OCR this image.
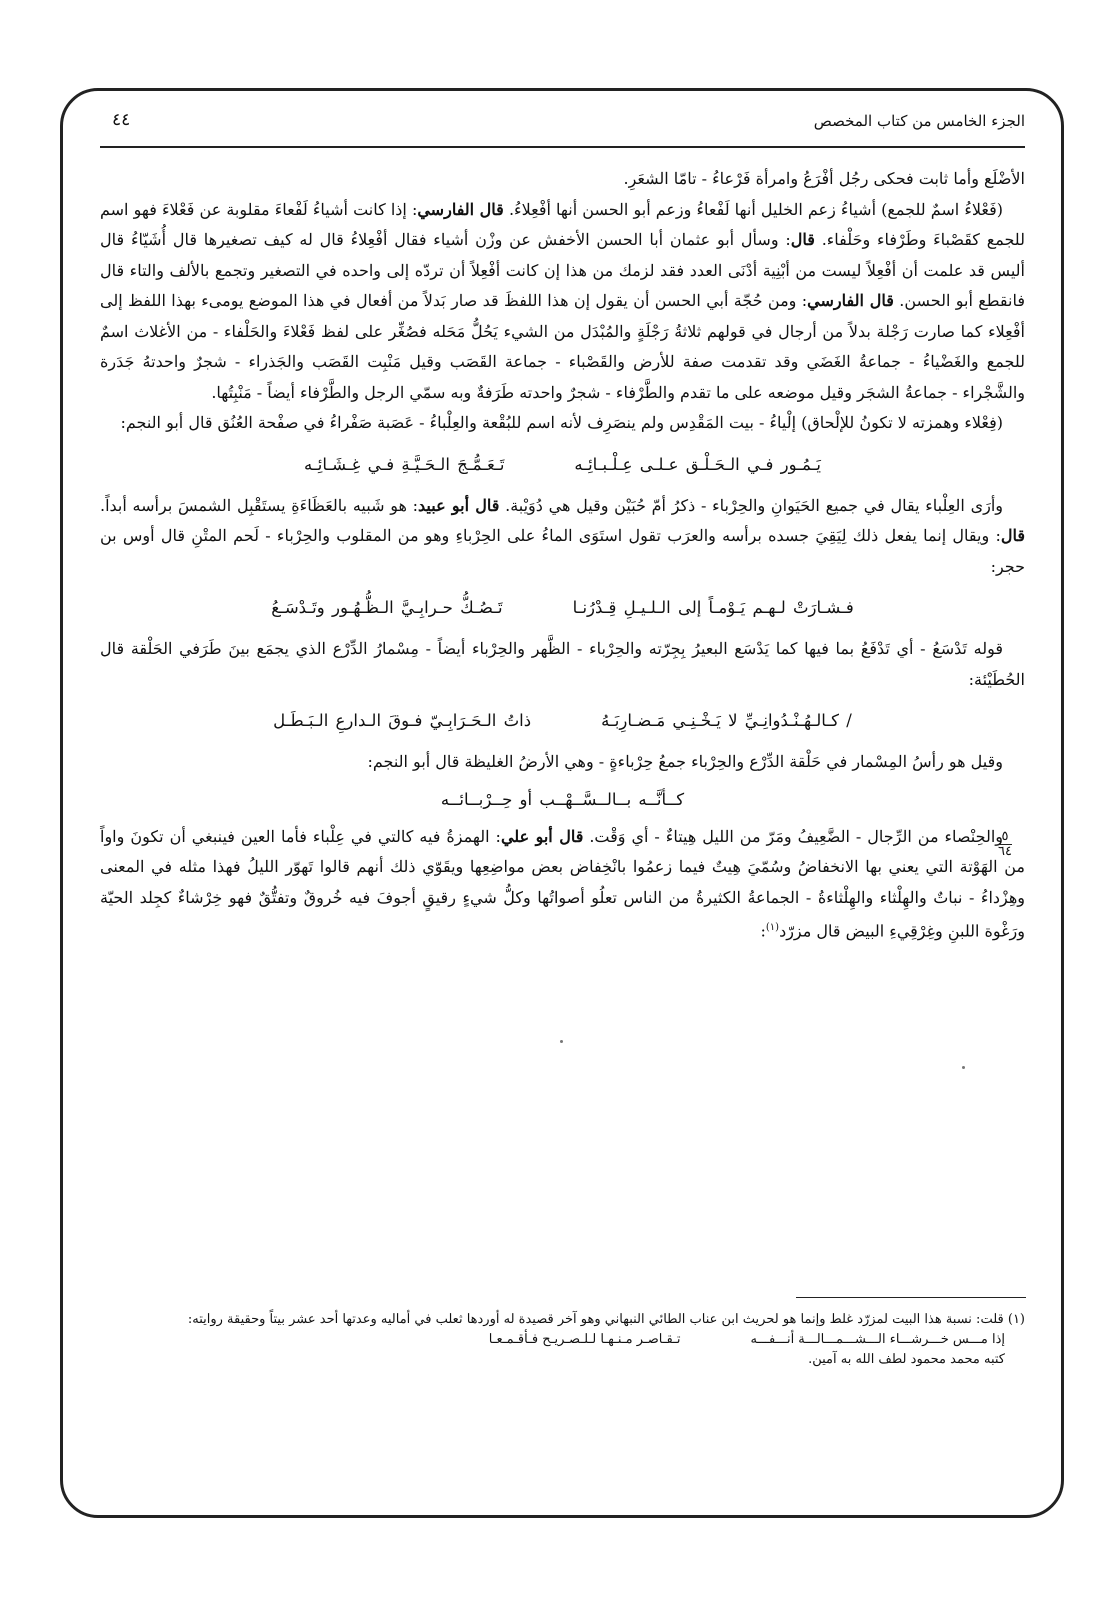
الجزء الخامس من كتاب المخصص
٤٤

الأضْلَع وأما ثابت فحكى رجُل أفْرَعُ وامرأة فَرْعاءُ - تامّا الشعَرِ.

(فَعْلاءُ اسمٌ للجمع) أشياءُ زعم الخليل أنها لَفْعاءُ وزعم أبو الحسن أنها أفْعِلاءُ. قال الفارسي: إذا كانت أشياءُ لَفْعاءَ مقلوبة عن فَعْلاءَ فهو اسم للجمع كقَصْباءَ وطَرْفاء وحَلْفاء. قال: وسأل أبو عثمان أبا الحسن الأخفش عن وزْن أشياء فقال أفْعِلاءُ قال له كيف تصغيرها قال أُشَيّاءُ قال أليس قد علمت أن أفْعِلاً ليست من أبْنِية أدْنَى العدد فقد لزمك من هذا إن كانت أفْعِلاً أن تردّه إلى واحده في التصغير وتجمع بالألف والتاء قال فانقطع أبو الحسن. قال الفارسي: ومن حُجّة أبي الحسن أن يقول إن هذا اللفظَ قد صار بَدلاً من أفعال في هذا الموضع يومىء بهذا اللفظ إلى أفْعِلاء كما صارت رَجْلة بدلاً من أرجال في قولهم ثلاثةُ رَجْلَةٍ والمُبْدَل من الشيء يَحُلُّ مَحَله فصُغِّر على لفظ فَعْلاءَ والحَلْفاء - من الأغلاث اسمٌ للجمع والغَضْياءُ - جماعةُ الغَضَي وقد تقدمت صفة للأرض والقَصْباء - جماعة القَصَب وقيل مَنْبِت القَصَب والجَذراء - شجرٌ واحدتهُ جَدَرة والشَّجْراء - جماعةُ الشجَر وقيل موضعه على ما تقدم والطَّرْفاء - شجرٌ واحدته طَرَفةٌ وبه سمّي الرجل والطَّرْفاء أيضاً - مَنْبِتُها.

(فِعْلاء وهمزته لا تكونُ للإلْحاق) إلْياءُ - بيت المَقْدِس ولم ينصَرِف لأنه اسم للبُقْعة والعِلْباءُ - عَصَبة صَفْراءُ في صفْحة العُنُق قال أبو النجم:

يَـمُـور فـي الـحَـلْـق عـلـى عِـلْـبـائِـه
تَـعَـمُّـجَ الـحَـيَّـةِ فـي غِـشَـائِـه

وأرَى العِلْباء يقال في جميع الحَيَوانِ والحِرْباء - ذكرُ أمّ حُبَيْن وقيل هي دُوَيْبة. قال أبو عبيد: هو شَبيه بالعَظَاءَةِ يستَقْبِل الشمسَ برأسه أبداً. قال: ويقال إنما يفعل ذلك لِيَقِيَ جسده برأسه والعرَب تقول استَوَى الماءُ على الحِرْباءِ وهو من المقلوب والحِرْباء - لَحم المتْنِ قال أوس بن حجر:

فـشـارَتْ لـهـم يَـوْمـاً إلى الـلـيـلِ قِـدْرُنـا
تَـصُـكُّ حـرابِـيَّ الـظُّـهُـور وتَـدْسَـعُ

قوله تَدْسَعُ - أي تَدْفَعُ بما فيها كما يَدْسَع البعيرُ بِجِرّته والحِرْباء - الظَّهر والحِرْباء أيضاً - مِسْمارُ الدِّرْع الذي يجمَع بينَ طَرَفي الحَلْقة قال الحُطَيْئة:

/ كـالـهُـنْـدُوانِـيِّ لا يَـخْـنِـي مَـضـارِبَـهُ
ذاتُ الـحَـرَابِـيّ فـوقَ الـدارعِ الـبَـطَـل

وقيل هو رأسُ المِسْمار في حَلْقة الدِّرْع والحِرْباء جمعُ حِرْباءةٍ - وهي الأرضُ الغليظة قال أبو النجم:

كــأنَّــه بــالــسَّــهْــب أو حِــرْبــائــه

والحِنْصاء من الرِّجال - الضَّعِيفُ ومَرّ من الليل هِيتاءٌ - أي وَقْت. قال أبو علي: الهمزةُ فيه كالتي في عِلْباء فأما العين فينبغي أن تكونَ واواً من الهَوْتة التي يعني بها الانخفاضُ وسُمّيَ هِيتٌ فيما زعمُوا بانْخِفاض بعض مواضِعِها ويقَوّي ذلك أنهم قالوا تَهوّر الليلُ فهذا مثله في المعنى وهِزْداءُ - نباتٌ والهِلْثاء والهِلْثاءةُ - الجماعةُ الكثيرةُ من الناس تعلُو أصواتُها وكلُّ شيءٍ رقيقٍ أجوفَ فيه خُروقٌ وتفتُّقٌ فهو خِرْشاءٌ كجِلد الحيّة ورَغْوة اللبنِ وغِرْقِيءِ البيض قال مزرّد$^{(١)}$:

٥
٦٤

(١) قلت: نسبة هذا البيت لمزرّد غلط وإنما هو لحريث ابن عناب الطائي النبهاني وهو آخر قصيدة له أوردها ثعلب في أماليه وعدتها أحد عشر بيتاً وحقيقة روايته:

إذا مـــس خـــرشـــاء الـــشـــمـــالـــة أنـــفـــه
تـقـاصـر مـنـهـا لـلـصـريـح فـأقـمـعـا

كتبه محمد محمود لطف الله به آمين.
